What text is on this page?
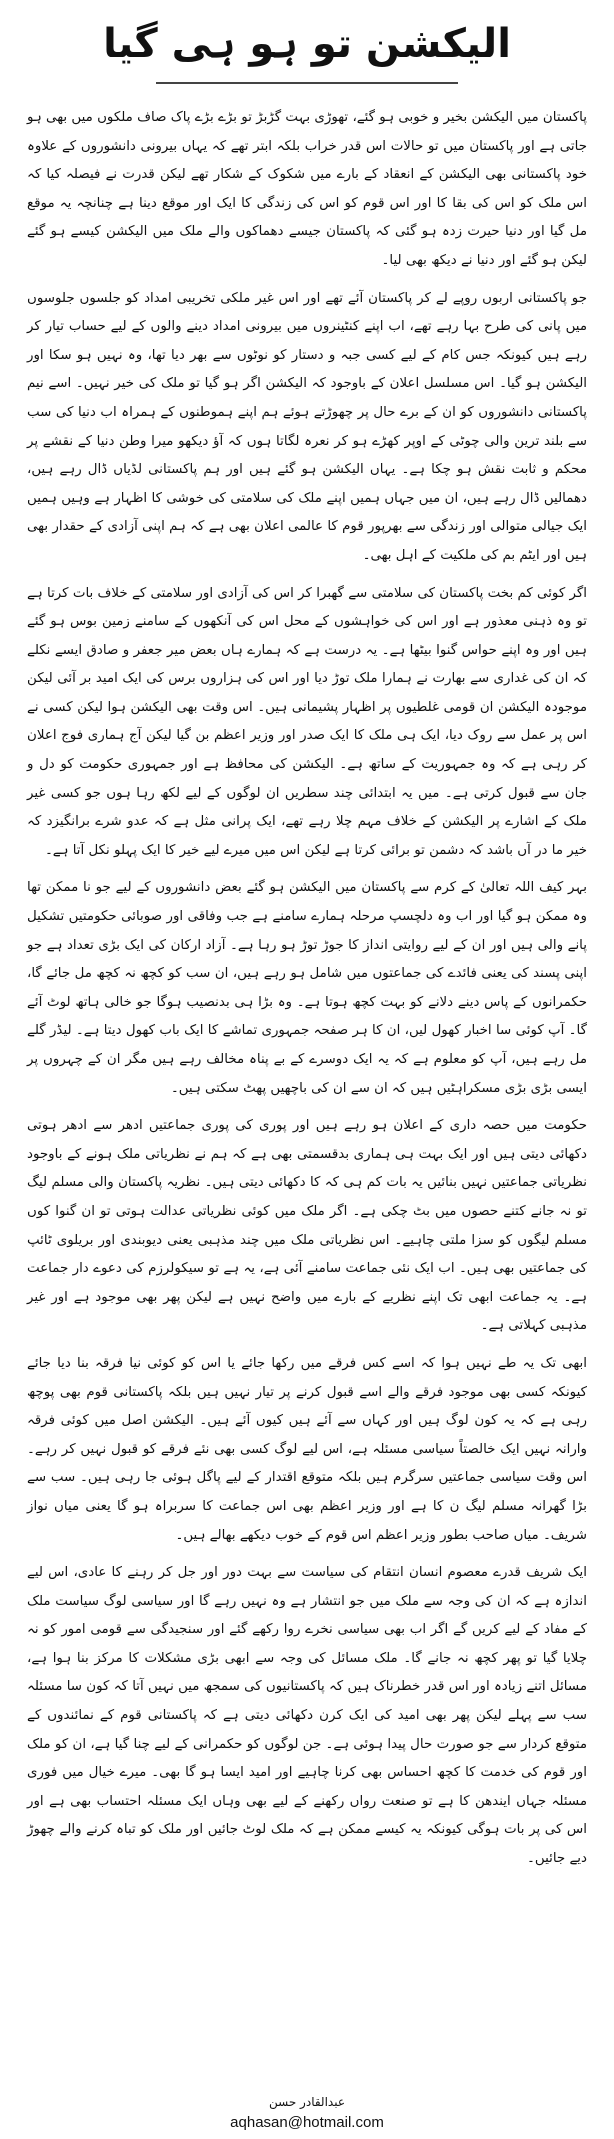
الیکشن تو ہو ہی گیا

پاکستان میں الیکشن بخیر و خوبی ہو گئے، تھوڑی بہت گڑبڑ تو بڑے بڑے پاک صاف ملکوں میں بھی ہو جاتی ہے اور پاکستان میں تو حالات اس قدر خراب بلکہ ابتر تھے کہ یہاں بیرونی دانشوروں کے علاوہ خود پاکستانی بھی الیکشن کے انعقاد کے بارے میں شکوک کے شکار تھے لیکن قدرت نے فیصلہ کیا کہ اس ملک کو اس کی بقا کا اور اس قوم کو اس کی زندگی کا ایک اور موقع دینا ہے چنانچہ یہ موقع مل گیا اور دنیا حیرت زدہ ہو گئی کہ پاکستان جیسے دھماکوں والے ملک میں الیکشن کیسے ہو گئے لیکن ہو گئے اور دنیا نے دیکھ بھی لیا۔

جو پاکستانی اربوں روپے لے کر پاکستان آئے تھے اور اس غیر ملکی تخریبی امداد کو جلسوں جلوسوں میں پانی کی طرح بہا رہے تھے، اب اپنے کنٹینروں میں بیرونی امداد دینے والوں کے لیے حساب تیار کر رہے ہیں کیونکہ جس کام کے لیے کسی جبہ و دستار کو نوٹوں سے بھر دیا تھا، وہ نہیں ہو سکا اور الیکشن ہو گیا۔ اس مسلسل اعلان کے باوجود کہ الیکشن اگر ہو گیا تو ملک کی خیر نہیں۔ اسے نیم پاکستانی دانشوروں کو ان کے برے حال پر چھوڑتے ہوئے ہم اپنے ہموطنوں کے ہمراہ اب دنیا کی سب سے بلند ترین والی چوٹی کے اوپر کھڑے ہو کر نعرہ لگاتا ہوں کہ آؤ دیکھو میرا وطن دنیا کے نقشے پر محکم و ثابت نقش ہو چکا ہے۔ یہاں الیکشن ہو گئے ہیں اور ہم پاکستانی لڈیاں ڈال رہے ہیں، دھمالیں ڈال رہے ہیں، ان میں جہاں ہمیں اپنے ملک کی سلامتی کی خوشی کا اظہار ہے وہیں ہمیں ایک جیالی متوالی اور زندگی سے بھرپور قوم کا عالمی اعلان بھی ہے کہ ہم اپنی آزادی کے حقدار بھی ہیں اور ایٹم بم کی ملکیت کے اہل بھی۔

اگر کوئی کم بخت پاکستان کی سلامتی سے گھبرا کر اس کی آزادی اور سلامتی کے خلاف بات کرتا ہے تو وہ ذہنی معذور ہے اور اس کی خواہشوں کے محل اس کی آنکھوں کے سامنے زمین بوس ہو گئے ہیں اور وہ اپنے حواس گنوا بیٹھا ہے۔ یہ درست ہے کہ ہمارے ہاں بعض میر جعفر و صادق ایسے نکلے کہ ان کی غداری سے بھارت نے ہمارا ملک توڑ دیا اور اس کی ہزاروں برس کی ایک امید بر آئی لیکن موجودہ الیکشن ان قومی غلطیوں پر اظہار پشیمانی ہیں۔ اس وقت بھی الیکشن ہوا لیکن کسی نے اس پر عمل سے روک دیا، ایک ہی ملک کا ایک صدر اور وزیر اعظم بن گیا لیکن آج ہماری فوج اعلان کر رہی ہے کہ وہ جمہوریت کے ساتھ ہے۔ الیکشن کی محافظ ہے اور جمہوری حکومت کو دل و جان سے قبول کرتی ہے۔ میں یہ ابتدائی چند سطریں ان لوگوں کے لیے لکھ رہا ہوں جو کسی غیر ملک کے اشارے پر الیکشن کے خلاف مہم چلا رہے تھے، ایک پرانی مثل ہے کہ عدو شرے برانگیزد کہ خیر ما در آں باشد کہ دشمن تو برائی کرتا ہے لیکن اس میں میرے لیے خیر کا ایک پہلو نکل آتا ہے۔

بہر کیف اللہ تعالیٰ کے کرم سے پاکستان میں الیکشن ہو گئے بعض دانشوروں کے لیے جو نا ممکن تھا وہ ممکن ہو گیا اور اب وہ دلچسپ مرحلہ ہمارے سامنے ہے جب وفاقی اور صوبائی حکومتیں تشکیل پانے والی ہیں اور ان کے لیے روایتی انداز کا جوڑ توڑ ہو رہا ہے۔ آزاد ارکان کی ایک بڑی تعداد ہے جو اپنی پسند کی یعنی فائدے کی جماعتوں میں شامل ہو رہے ہیں، ان سب کو کچھ نہ کچھ مل جائے گا، حکمرانوں کے پاس دینے دلانے کو بہت کچھ ہوتا ہے۔ وہ بڑا ہی بدنصیب ہوگا جو خالی ہاتھ لوٹ آئے گا۔ آپ کوئی سا اخبار کھول لیں، ان کا ہر صفحہ جمہوری تماشے کا ایک باب کھول دیتا ہے۔ لیڈر گلے مل رہے ہیں، آپ کو معلوم ہے کہ یہ ایک دوسرے کے بے پناہ مخالف رہے ہیں مگر ان کے چہروں پر ایسی بڑی بڑی مسکراہٹیں ہیں کہ ان سے ان کی باچھیں پھٹ سکتی ہیں۔

حکومت میں حصہ داری کے اعلان ہو رہے ہیں اور پوری کی پوری جماعتیں ادھر سے ادھر ہوتی دکھائی دیتی ہیں اور ایک بہت ہی ہماری بدقسمتی بھی ہے کہ ہم نے نظریاتی ملک ہونے کے باوجود نظریاتی جماعتیں نہیں بنائیں یہ بات کم ہی کہ کا دکھائی دیتی ہیں۔ نظریہ پاکستان والی مسلم لیگ تو نہ جانے کتنے حصوں میں بٹ چکی ہے۔ اگر ملک میں کوئی نظریاتی عدالت ہوتی تو ان گنوا کوں مسلم لیگوں کو سزا ملتی چاہیے۔ اس نظریاتی ملک میں چند مذہبی یعنی دیوبندی اور بریلوی ٹائپ کی جماعتیں بھی ہیں۔ اب ایک نئی جماعت سامنے آئی ہے، یہ ہے تو سیکولرزم کی دعوے دار جماعت ہے۔ یہ جماعت ابھی تک اپنے نظریے کے بارے میں واضح نہیں ہے لیکن پھر بھی موجود ہے اور غیر مذہبی کہلاتی ہے۔

ابھی تک یہ طے نہیں ہوا کہ اسے کس فرقے میں رکھا جائے یا اس کو کوئی نیا فرقہ بنا دیا جائے کیونکہ کسی بھی موجود فرقے والے اسے قبول کرنے پر تیار نہیں ہیں بلکہ پاکستانی قوم بھی پوچھ رہی ہے کہ یہ کون لوگ ہیں اور کہاں سے آئے ہیں کیوں آئے ہیں۔ الیکشن اصل میں کوئی فرقہ وارانہ نہیں ایک خالصتاً سیاسی مسئلہ ہے، اس لیے لوگ کسی بھی نئے فرقے کو قبول نہیں کر رہے۔ اس وقت سیاسی جماعتیں سرگرم ہیں بلکہ متوقع اقتدار کے لیے پاگل ہوئی جا رہی ہیں۔ سب سے بڑا گھرانہ مسلم لیگ ن کا ہے اور وزیر اعظم بھی اس جماعت کا سربراہ ہو گا یعنی میاں نواز شریف۔ میاں صاحب بطور وزیر اعظم اس قوم کے خوب دیکھے بھالے ہیں۔

ایک شریف قدرے معصوم انسان انتقام کی سیاست سے بہت دور اور جل کر رہنے کا عادی، اس لیے اندازہ ہے کہ ان کی وجہ سے ملک میں جو انتشار ہے وہ نہیں رہے گا اور سیاسی لوگ سیاست ملک کے مفاد کے لیے کریں گے اگر اب بھی سیاسی نخرے روا رکھے گئے اور سنجیدگی سے قومی امور کو نہ چلایا گیا تو پھر کچھ نہ جانے گا۔ ملک مسائل کی وجہ سے ابھی بڑی مشکلات کا مرکز بنا ہوا ہے، مسائل اتنے زیادہ اور اس قدر خطرناک ہیں کہ پاکستانیوں کی سمجھ میں نہیں آتا کہ کون سا مسئلہ سب سے پہلے لیکن پھر بھی امید کی ایک کرن دکھائی دیتی ہے کہ پاکستانی قوم کے نمائندوں کے متوقع کردار سے جو صورت حال پیدا ہوئی ہے۔ جن لوگوں کو حکمرانی کے لیے چنا گیا ہے، ان کو ملک اور قوم کی خدمت کا کچھ احساس بھی کرنا چاہیے اور امید ایسا ہو گا بھی۔ میرے خیال میں فوری مسئلہ جہاں ایندھن کا ہے تو صنعت رواں رکھنے کے لیے بھی وہاں ایک مسئلہ احتساب بھی ہے اور اس کی پر بات ہوگی کیونکہ یہ کیسے ممکن ہے کہ ملک لوٹ جائیں اور ملک کو تباہ کرنے والے چھوڑ دیے جائیں۔

عبدالقادر حسن
aqhasan@hotmail.com
